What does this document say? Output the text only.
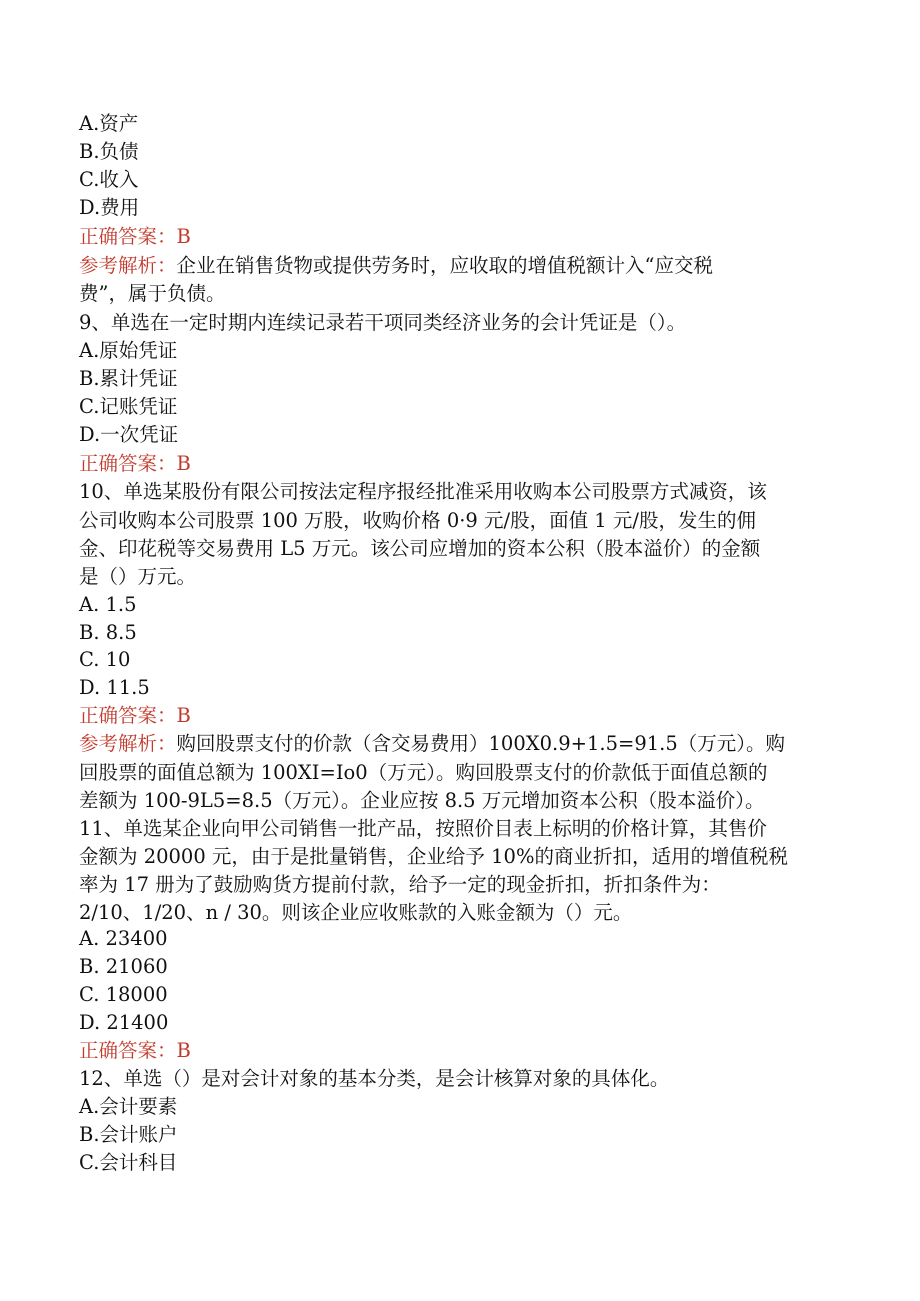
A.资产
B.负债
C.收入
D.费用
正确答案：B
参考解析：企业在销售货物或提供劳务时，应收取的增值税额计入“应交税
费”，属于负债。
9、单选在一定时期内连续记录若干项同类经济业务的会计凭证是（）。
A.原始凭证
B.累计凭证
C.记账凭证
D.一次凭证
正确答案：B
10、单选某股份有限公司按法定程序报经批准采用收购本公司股票方式减资，该
公司收购本公司股票 100 万股，收购价格 0·9 元/股，面值 1 元/股，发生的佣
金、印花税等交易费用 L5 万元。该公司应增加的资本公积（股本溢价）的金额
是（）万元。
A. 1.5
B. 8.5
C. 10
D. 11.5
正确答案：B
参考解析：购回股票支付的价款（含交易费用）100X0.9+1.5=91.5（万元）。购
回股票的面值总额为 100XI=Io0（万元）。购回股票支付的价款低于面值总额的
差额为 100-9L5=8.5（万元）。企业应按 8.5 万元增加资本公积（股本溢价）。
11、单选某企业向甲公司销售一批产品，按照价目表上标明的价格计算，其售价
金额为 20000 元，由于是批量销售，企业给予 10%的商业折扣，适用的增值税税
率为 17 册为了鼓励购货方提前付款，给予一定的现金折扣，折扣条件为：
2/10、1/20、n / 30。则该企业应收账款的入账金额为（）元。
A. 23400
B. 21060
C. 18000
D. 21400
正确答案：B
12、单选（）是对会计对象的基本分类，是会计核算对象的具体化。
A.会计要素
B.会计账户
C.会计科目
